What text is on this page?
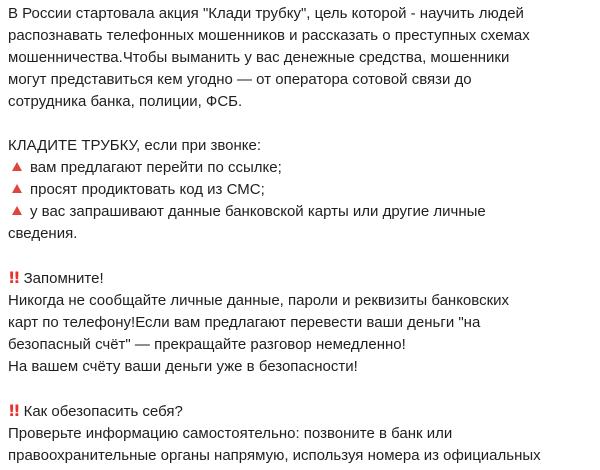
В России стартовала акция "Клади трубку", цель которой - научить людей
распознавать телефонных мошенников и рассказать о преступных схемах
мошенничества.Чтобы выманить у вас денежные средства, мошенники
могут представиться кем угодно — от оператора сотовой связи до
сотрудника банка, полиции, ФСБ.
КЛАДИТЕ ТРУБКУ, если при звонке:
вам предлагают перейти по ссылке;
просят продиктовать код из СМС;
у вас запрашивают данные банковской карты или другие личные
сведения.
!! Запомните!
Никогда не сообщайте личные данные, пароли и реквизиты банковских
карт по телефону!Если вам предлагают перевести ваши деньги "на
безопасный счёт" — прекращайте разговор немедленно!
На вашем счёту ваши деньги уже в безопасности!
!! Как обезопасить себя?
Проверьте информацию самостоятельно: позвоните в банк или
правоохранительные органы напрямую, используя номера из официальных
